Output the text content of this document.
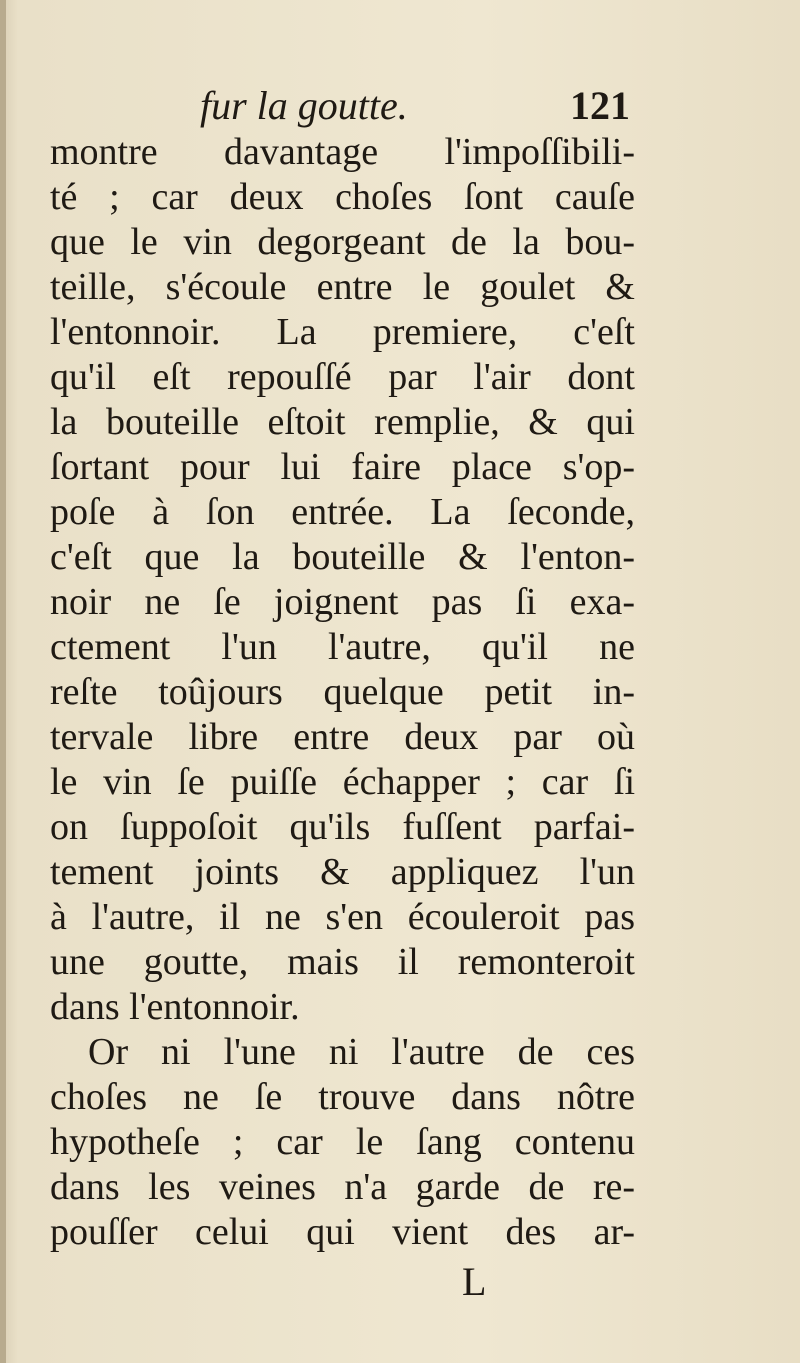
fur la goutte.	121
montre davantage l'impoſſibili-
té ; car deux choſes ſont cauſe
que le vin degorgeant de la bou-
teille, s'écoule entre le goulet &
l'entonnoir. La premiere, c'eſt
qu'il eſt repouſſé par l'air dont
la bouteille eſtoit remplie, & qui
ſortant pour lui faire place s'op-
poſe à ſon entrée. La ſeconde,
c'eſt que la bouteille & l'enton-
noir ne ſe joignent pas ſi exa-
ctement l'un l'autre, qu'il ne
reſte toûjours quelque petit in-
tervale libre entre deux par où
le vin ſe puiſſe échapper ; car ſi
on ſuppoſoit qu'ils fuſſent parfai-
tement joints & appliquez l'un
à l'autre, il ne s'en écouleroit pas
une goutte, mais il remonteroit
dans l'entonnoir.
Or ni l'une ni l'autre de ces
choſes ne ſe trouve dans nôtre
hypotheſe ; car le ſang contenu
dans les veines n'a garde de re-
pouſſer celui qui vient des ar-
L
